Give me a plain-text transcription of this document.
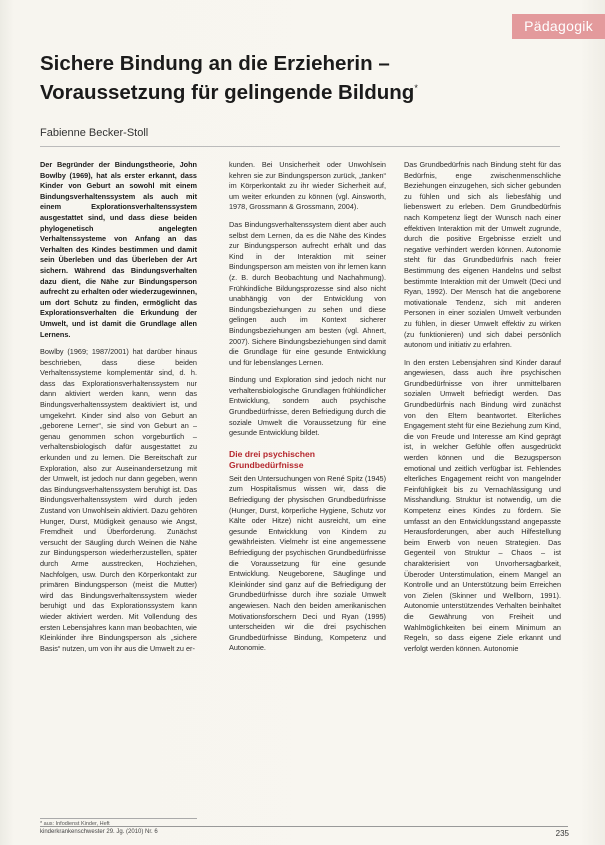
Pädagogik
Sichere Bindung an die Erzieherin –
Voraussetzung für gelingende Bildung*
Fabienne Becker-Stoll

Der Begründer der Bindungstheorie, John Bowlby (1969), hat als erster erkannt, dass Kinder von Geburt an sowohl mit einem Bindungsverhaltenssystem als auch mit einem Explorationsverhaltenssystem ausgestattet sind, und dass diese beiden phylogenetisch angelegten Verhaltenssysteme von Anfang an das Verhalten des Kindes bestimmen und damit sein Überleben und das Überleben der Art sichern. Während das Bindungsverhalten dazu dient, die Nähe zur Bindungsperson aufrecht zu erhalten oder wiederzugewinnen, um dort Schutz zu finden, ermöglicht das Explorationsverhalten die Erkundung der Umwelt, und ist damit die Grundlage allen Lernens.

Bowlby (1969; 1987/2001) hat darüber hinaus beschrieben, dass diese beiden Verhaltenssysteme komplementär sind, d. h. dass das Explorationsverhaltenssystem nur dann aktiviert werden kann, wenn das Bindungsverhaltenssystem deaktiviert ist, und umgekehrt. Kinder sind also von Geburt an „geborene Lerner“, sie sind von Geburt an – genau genommen schon vorgeburtlich – verhaltensbiologisch dafür ausgestattet zu erkunden und zu lernen. Die Bereitschaft zur Exploration, also zur Auseinandersetzung mit der Umwelt, ist jedoch nur dann gegeben, wenn das Bindungsverhaltenssystem beruhigt ist. Das Bindungsverhaltenssystem wird durch jeden Zustand von Unwohlsein aktiviert. Dazu gehören Hunger, Durst, Müdigkeit genauso wie Angst, Fremdheit und Überforderung. Zunächst versucht der Säugling durch Weinen die Nähe zur Bindungsperson wiederherzustellen, später durch Arme ausstrecken, Hochziehen, Nachfolgen, usw. Durch den Körperkontakt zur primären Bindungsperson (meist die Mutter) wird das Bindungsverhaltenssystem wieder beruhigt und das Explorationssystem kann wieder aktiviert werden. Mit Vollendung des ersten Lebensjahres kann man beobachten, wie Kleinkinder ihre Bindungsperson als „sichere Basis“ nutzen, um von ihr aus die Umwelt zu er-

kunden. Bei Unsicherheit oder Unwohlsein kehren sie zur Bindungsperson zurück, „tanken“ im Körperkontakt zu ihr wieder Sicherheit auf, um weiter erkunden zu können (vgl. Ainsworth, 1978, Grossmann & Grossmann, 2004).

Das Bindungsverhaltenssystem dient aber auch selbst dem Lernen, da es die Nähe des Kindes zur Bindungsperson aufrecht erhält und das Kind in der Interaktion mit seiner Bindungsperson am meisten von ihr lernen kann (z. B. durch Beobachtung und Nachahmung). Frühkindliche Bildungsprozesse sind also nicht unabhängig von der Entwicklung von Bindungsbeziehungen zu sehen und diese gelingen auch im Kontext sicherer Bindungsbeziehungen am besten (vgl. Ahnert, 2007). Sichere Bindungsbeziehungen sind damit die Grundlage für eine gesunde Entwicklung und für lebenslanges Lernen.

Bindung und Exploration sind jedoch nicht nur verhaltensbiologische Grundlagen frühkindlicher Entwicklung, sondern auch psychische Grundbedürfnisse, deren Befriedigung durch die soziale Umwelt die Voraussetzung für eine gesunde Entwicklung bildet.

Die drei psychischen
Grundbedürfnisse

Seit den Untersuchungen von René Spitz (1945) zum Hospitalismus wissen wir, dass die Befriedigung der physischen Grundbedürfnisse (Hunger, Durst, körperliche Hygiene, Schutz vor Kälte oder Hitze) nicht ausreicht, um eine gesunde Entwicklung von Kindern zu gewährleisten. Vielmehr ist eine angemessene Befriedigung der psychischen Grundbedürfnisse die Voraussetzung für eine gesunde Entwicklung. Neugeborene, Säuglinge und Kleinkinder sind ganz auf die Befriedigung der Grundbedürfnisse durch ihre soziale Umwelt angewiesen. Nach den beiden amerikanischen Motivationsforschern Deci und Ryan (1995) unterscheiden wir die drei psychischen Grundbedürfnisse Bindung, Kompetenz und Autonomie.

Das Grundbedürfnis nach Bindung steht für das Bedürfnis, enge zwischenmenschliche Beziehungen einzugehen, sich sicher gebunden zu fühlen und sich als liebesfähig und liebenswert zu erleben. Dem Grundbedürfnis nach Kompetenz liegt der Wunsch nach einer effektiven Interaktion mit der Umwelt zugrunde, durch die positive Ergebnisse erzielt und negative verhindert werden können. Autonomie steht für das Grundbedürfnis nach freier Bestimmung des eigenen Handelns und selbst bestimmte Interaktion mit der Umwelt (Deci und Ryan, 1992). Der Mensch hat die angeborene motivationale Tendenz, sich mit anderen Personen in einer sozialen Umwelt verbunden zu fühlen, in dieser Umwelt effektiv zu wirken (zu funktionieren) und sich dabei persönlich autonom und initiativ zu erfahren.

In den ersten Lebensjahren sind Kinder darauf angewiesen, dass auch ihre psychischen Grundbedürfnisse von ihrer unmittelbaren sozialen Umwelt befriedigt werden. Das Grundbedürfnis nach Bindung wird zunächst von den Eltern beantwortet. Elterliches Engagement steht für eine Beziehung zum Kind, die von Freude und Interesse am Kind geprägt ist, in welcher Gefühle offen ausgedrückt werden können und die Bezugsperson emotional und zeitlich verfügbar ist. Fehlendes elterliches Engagement reicht von mangelnder Feinfühligkeit bis zu Vernachlässigung und Misshandlung. Struktur ist notwendig, um die Kompetenz eines Kindes zu fördern. Sie umfasst an den Entwicklungsstand angepasste Herausforderungen, aber auch Hilfestellung beim Erwerb von neuen Strategien. Das Gegenteil von Struktur – Chaos – ist charakterisiert von Unvorhersagbarkeit, Überoder Unterstimulation, einem Mangel an Kontrolle und an Unterstützung beim Erreichen von Zielen (Skinner und Wellborn, 1991). Autonomie unterstützendes Verhalten beinhaltet die Gewährung von Freiheit und Wahlmöglichkeiten bei einem Minimum an Regeln, so dass eigene Ziele erkannt und verfolgt werden können. Autonomie

* aus: Infodienst Kinder, Heft
kinderkrankenschwester 29. Jg. (2010) Nr. 6	235
